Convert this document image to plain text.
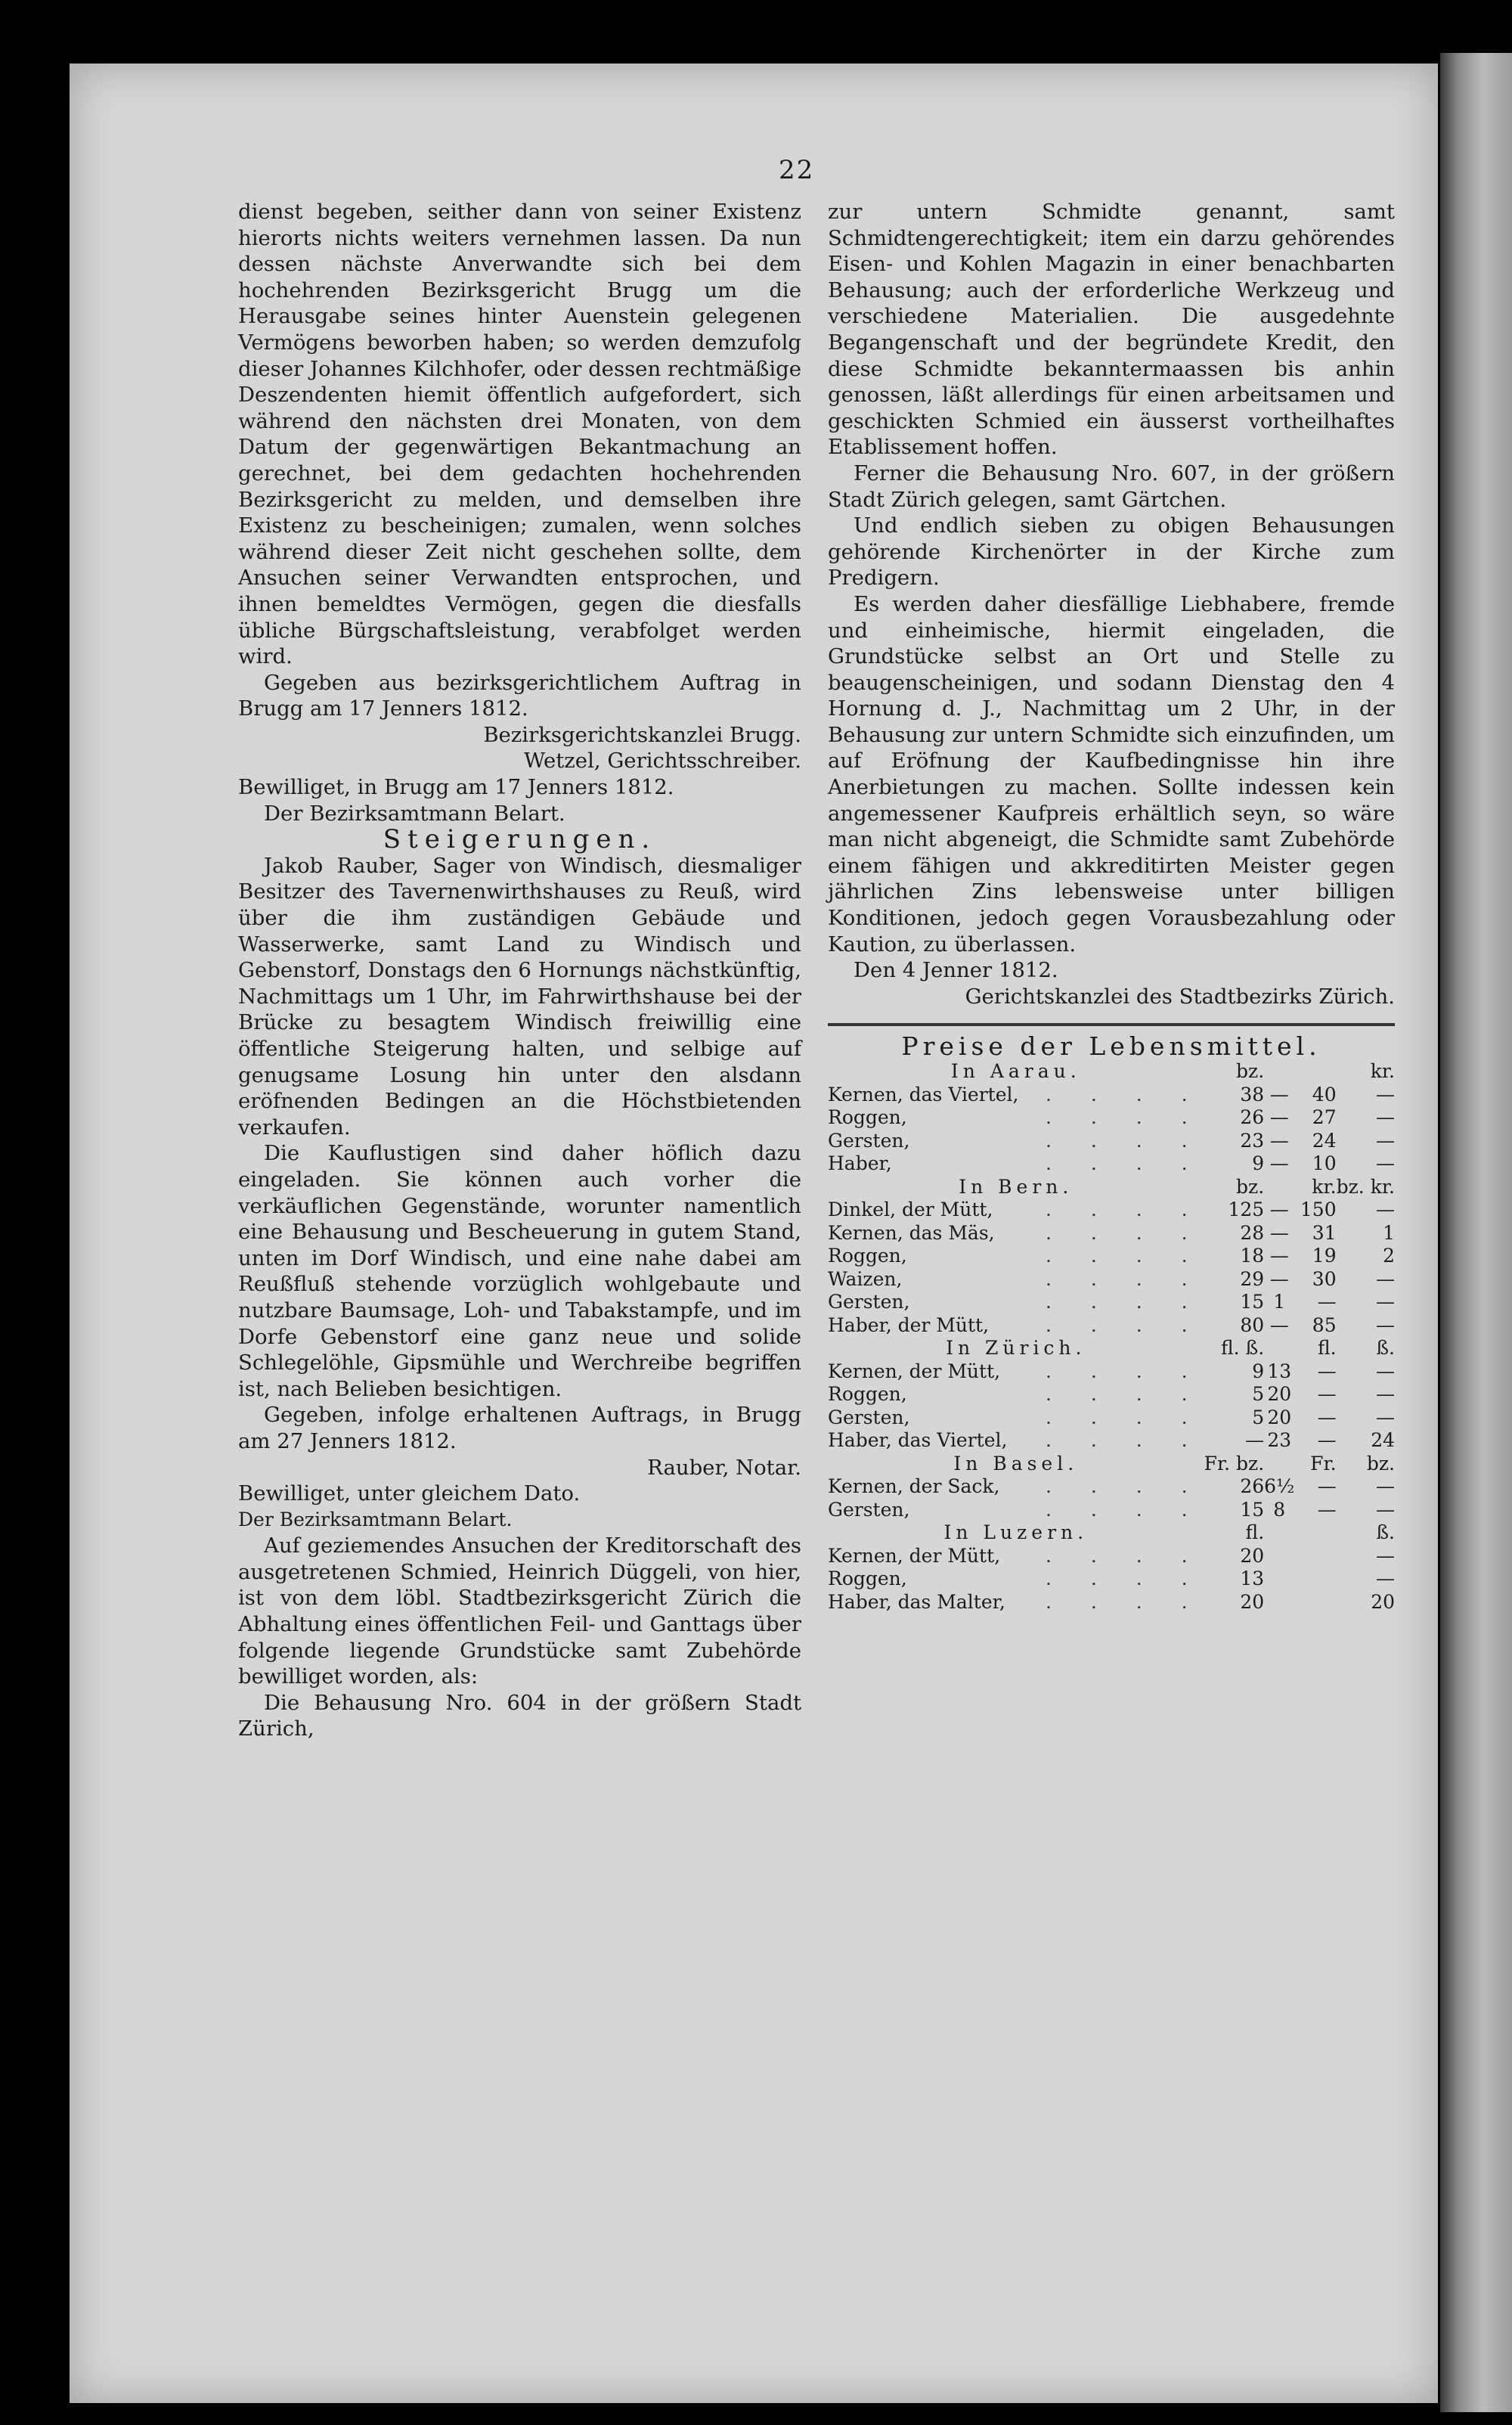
22

dienst begeben, seither dann von seiner Existenz hierorts nichts weiters vernehmen lassen. Da nun dessen nächste Anverwandte sich bei dem hochehrenden Bezirksgericht Brugg um die Herausgabe seines hinter Auenstein gelegenen Vermögens beworben haben; so werden demzufolg dieser Johannes Kilchhofer, oder dessen rechtmäßige Deszendenten hiemit öffentlich aufgefordert, sich während den nächsten drei Monaten, von dem Datum der gegenwärtigen Bekantmachung an gerechnet, bei dem gedachten hochehrenden Bezirksgericht zu melden, und demselben ihre Existenz zu bescheinigen; zumalen, wenn solches während dieser Zeit nicht geschehen sollte, dem Ansuchen seiner Verwandten entsprochen, und ihnen bemeldtes Vermögen, gegen die diesfalls übliche Bürgschaftsleistung, verabfolget werden wird.

Gegeben aus bezirksgerichtlichem Auftrag in Brugg am 17 Jenners 1812.

Bezirksgerichtskanzlei Brugg.

Wetzel, Gerichtsschreiber.

Bewilliget, in Brugg am 17 Jenners 1812.

Der Bezirksamtmann Belart.

Steigerungen.

Jakob Rauber, Sager von Windisch, diesmaliger Besitzer des Tavernenwirthshauses zu Reuß, wird über die ihm zuständigen Gebäude und Wasserwerke, samt Land zu Windisch und Gebenstorf, Donstags den 6 Hornungs nächstkünftig, Nachmittags um 1 Uhr, im Fahrwirthshause bei der Brücke zu besagtem Windisch freiwillig eine öffentliche Steigerung halten, und selbige auf genugsame Losung hin unter den alsdann eröfnenden Bedingen an die Höchstbietenden verkaufen.

Die Kauflustigen sind daher höflich dazu eingeladen. Sie können auch vorher die verkäuflichen Gegenstände, worunter namentlich eine Behausung und Bescheuerung in gutem Stand, unten im Dorf Windisch, und eine nahe dabei am Reußfluß stehende vorzüglich wohlgebaute und nutzbare Baumsage, Loh- und Tabakstampfe, und im Dorfe Gebenstorf eine ganz neue und solide Schlegelöhle, Gipsmühle und Werchreibe begriffen ist, nach Belieben besichtigen.

Gegeben, infolge erhaltenen Auftrags, in Brugg am 27 Jenners 1812.

Rauber, Notar.

Bewilliget, unter gleichem Dato.

Der Bezirksamtmann Belart.

Auf geziemendes Ansuchen der Kreditorschaft des ausgetretenen Schmied, Heinrich Düggeli, von hier, ist von dem löbl. Stadtbezirksgericht Zürich die Abhaltung eines öffentlichen Feil- und Ganttags über folgende liegende Grundstücke samt Zubehörde bewilliget worden, als:

Die Behausung Nro. 604 in der größern Stadt Zürich,

zur untern Schmidte genannt, samt Schmidtengerechtigkeit; item ein darzu gehörendes Eisen- und Kohlen Magazin in einer benachbarten Behausung; auch der erforderliche Werkzeug und verschiedene Materialien. Die ausgedehnte Begangenschaft und der begründete Kredit, den diese Schmidte bekanntermaassen bis anhin genossen, läßt allerdings für einen arbeitsamen und geschickten Schmied ein äusserst vortheilhaftes Etablissement hoffen.

Ferner die Behausung Nro. 607, in der größern Stadt Zürich gelegen, samt Gärtchen.

Und endlich sieben zu obigen Behausungen gehörende Kirchenörter in der Kirche zum Predigern.

Es werden daher diesfällige Liebhabere, fremde und einheimische, hiermit eingeladen, die Grundstücke selbst an Ort und Stelle zu beaugenscheinigen, und sodann Dienstag den 4 Hornung d. J., Nachmittag um 2 Uhr, in der Behausung zur untern Schmidte sich einzufinden, um auf Eröfnung der Kaufbedingnisse hin ihre Anerbietungen zu machen. Sollte indessen kein angemessener Kaufpreis erhältlich seyn, so wäre man nicht abgeneigt, die Schmidte samt Zubehörde einem fähigen und akkreditirten Meister gegen jährlichen Zins lebensweise unter billigen Konditionen, jedoch gegen Vorausbezahlung oder Kaution, zu überlassen.

Den 4 Jenner 1812.

Gerichtskanzlei des Stadtbezirks Zürich.

Preise der Lebensmittel.

In Aarau.		bz.			kr.
Kernen, das Viertel,	. . . .	38	—	40	—
Roggen,	. . . .	26	—	27	—
Gersten,	. . . .	23	—	24	—
Haber,	. . . .	9	—	10	—
In Bern.		bz.	kr.		bz. kr.
Dinkel, der Mütt,	. . . .	125	—	150	—
Kernen, das Mäs,	. . . .	28	—	31	1
Roggen,	. . . .	18	—	19	2
Waizen,	. . . .	29	—	30	—
Gersten,	. . . .	15	1	—	—
Haber, der Mütt,	. . . .	80	—	85	—
In Zürich.		fl. ß.	fl.		ß.
Kernen, der Mütt,	. . . .	9	13	—	—
Roggen,	. . . .	5	20	—	—
Gersten,	. . . .	5	20	—	—
Haber, das Viertel,	. . . .	—	23	—	24
In Basel.		Fr. bz.	Fr.		bz.
Kernen, der Sack,	. . . .	26	6½	—	—
Gersten,	. . . .	15	8	—	—
In Luzern.		fl.			ß.
Kernen, der Mütt,	. . . .	20			—
Roggen,	. . . .	13			—
Haber, das Malter,	. . . .	20			20
